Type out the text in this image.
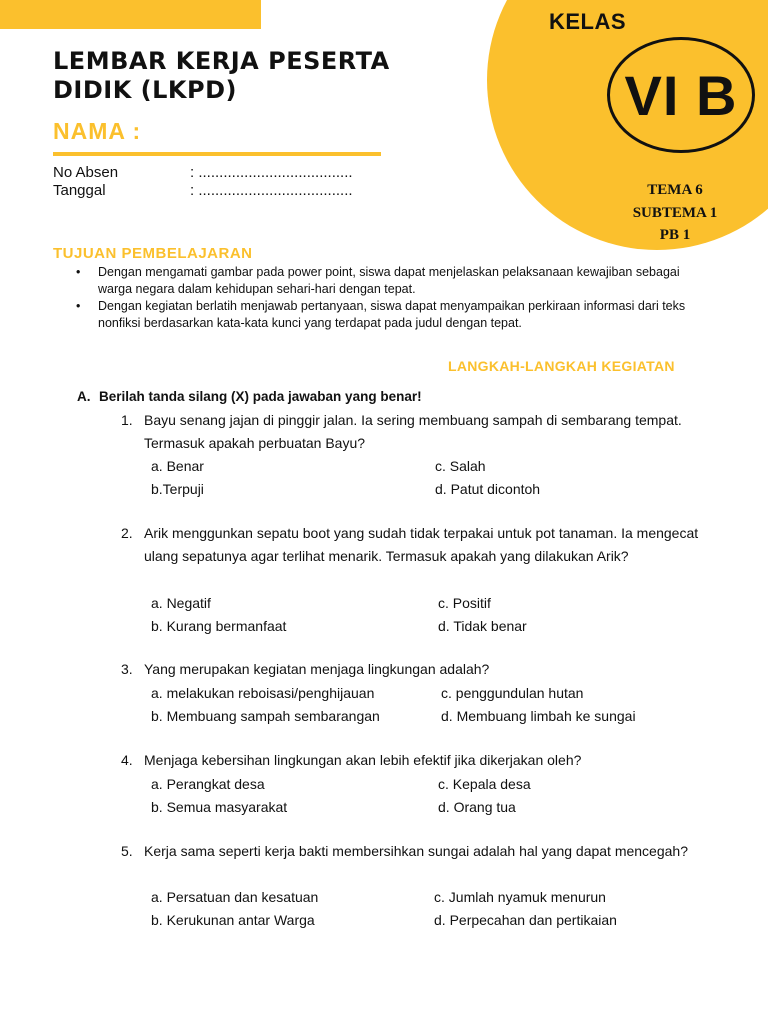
KELAS
VI B
TEMA 6
SUBTEMA 1
PB 1
LEMBAR KERJA PESERTA
DIDIK (LKPD)
NAMA :
No Absen	: .....................................
Tanggal	: .....................................
TUJUAN PEMBELAJARAN
• Dengan mengamati gambar pada power point, siswa dapat menjelaskan pelaksanaan kewajiban sebagai warga negara dalam kehidupan sehari-hari dengan tepat.
• Dengan kegiatan berlatih menjawab pertanyaan, siswa dapat menyampaikan perkiraan informasi dari teks nonfiksi berdasarkan kata-kata kunci yang terdapat pada judul dengan tepat.
LANGKAH-LANGKAH KEGIATAN
A. Berilah tanda silang (X) pada jawaban yang benar!
1. Bayu senang jajan di pinggir jalan. Ia sering membuang sampah di sembarang tempat. Termasuk apakah perbuatan Bayu?
a. Benar	c. Salah
b.Terpuji	d. Patut dicontoh
2. Arik menggunkan sepatu boot yang sudah tidak terpakai untuk pot tanaman. Ia mengecat ulang sepatunya agar terlihat menarik. Termasuk apakah yang dilakukan Arik?
a. Negatif	c. Positif
b. Kurang bermanfaat	d. Tidak benar
3. Yang merupakan kegiatan menjaga lingkungan adalah?
a. melakukan reboisasi/penghijauan	c. penggundulan hutan
b. Membuang sampah sembarangan	d. Membuang limbah ke sungai
4. Menjaga kebersihan lingkungan akan lebih efektif jika dikerjakan oleh?
a. Perangkat desa	c. Kepala desa
b. Semua masyarakat	d. Orang tua
5. Kerja sama seperti kerja bakti membersihkan sungai adalah hal yang dapat mencegah?
a. Persatuan dan kesatuan	c. Jumlah nyamuk menurun
b. Kerukunan antar Warga	d. Perpecahan dan pertikaian
